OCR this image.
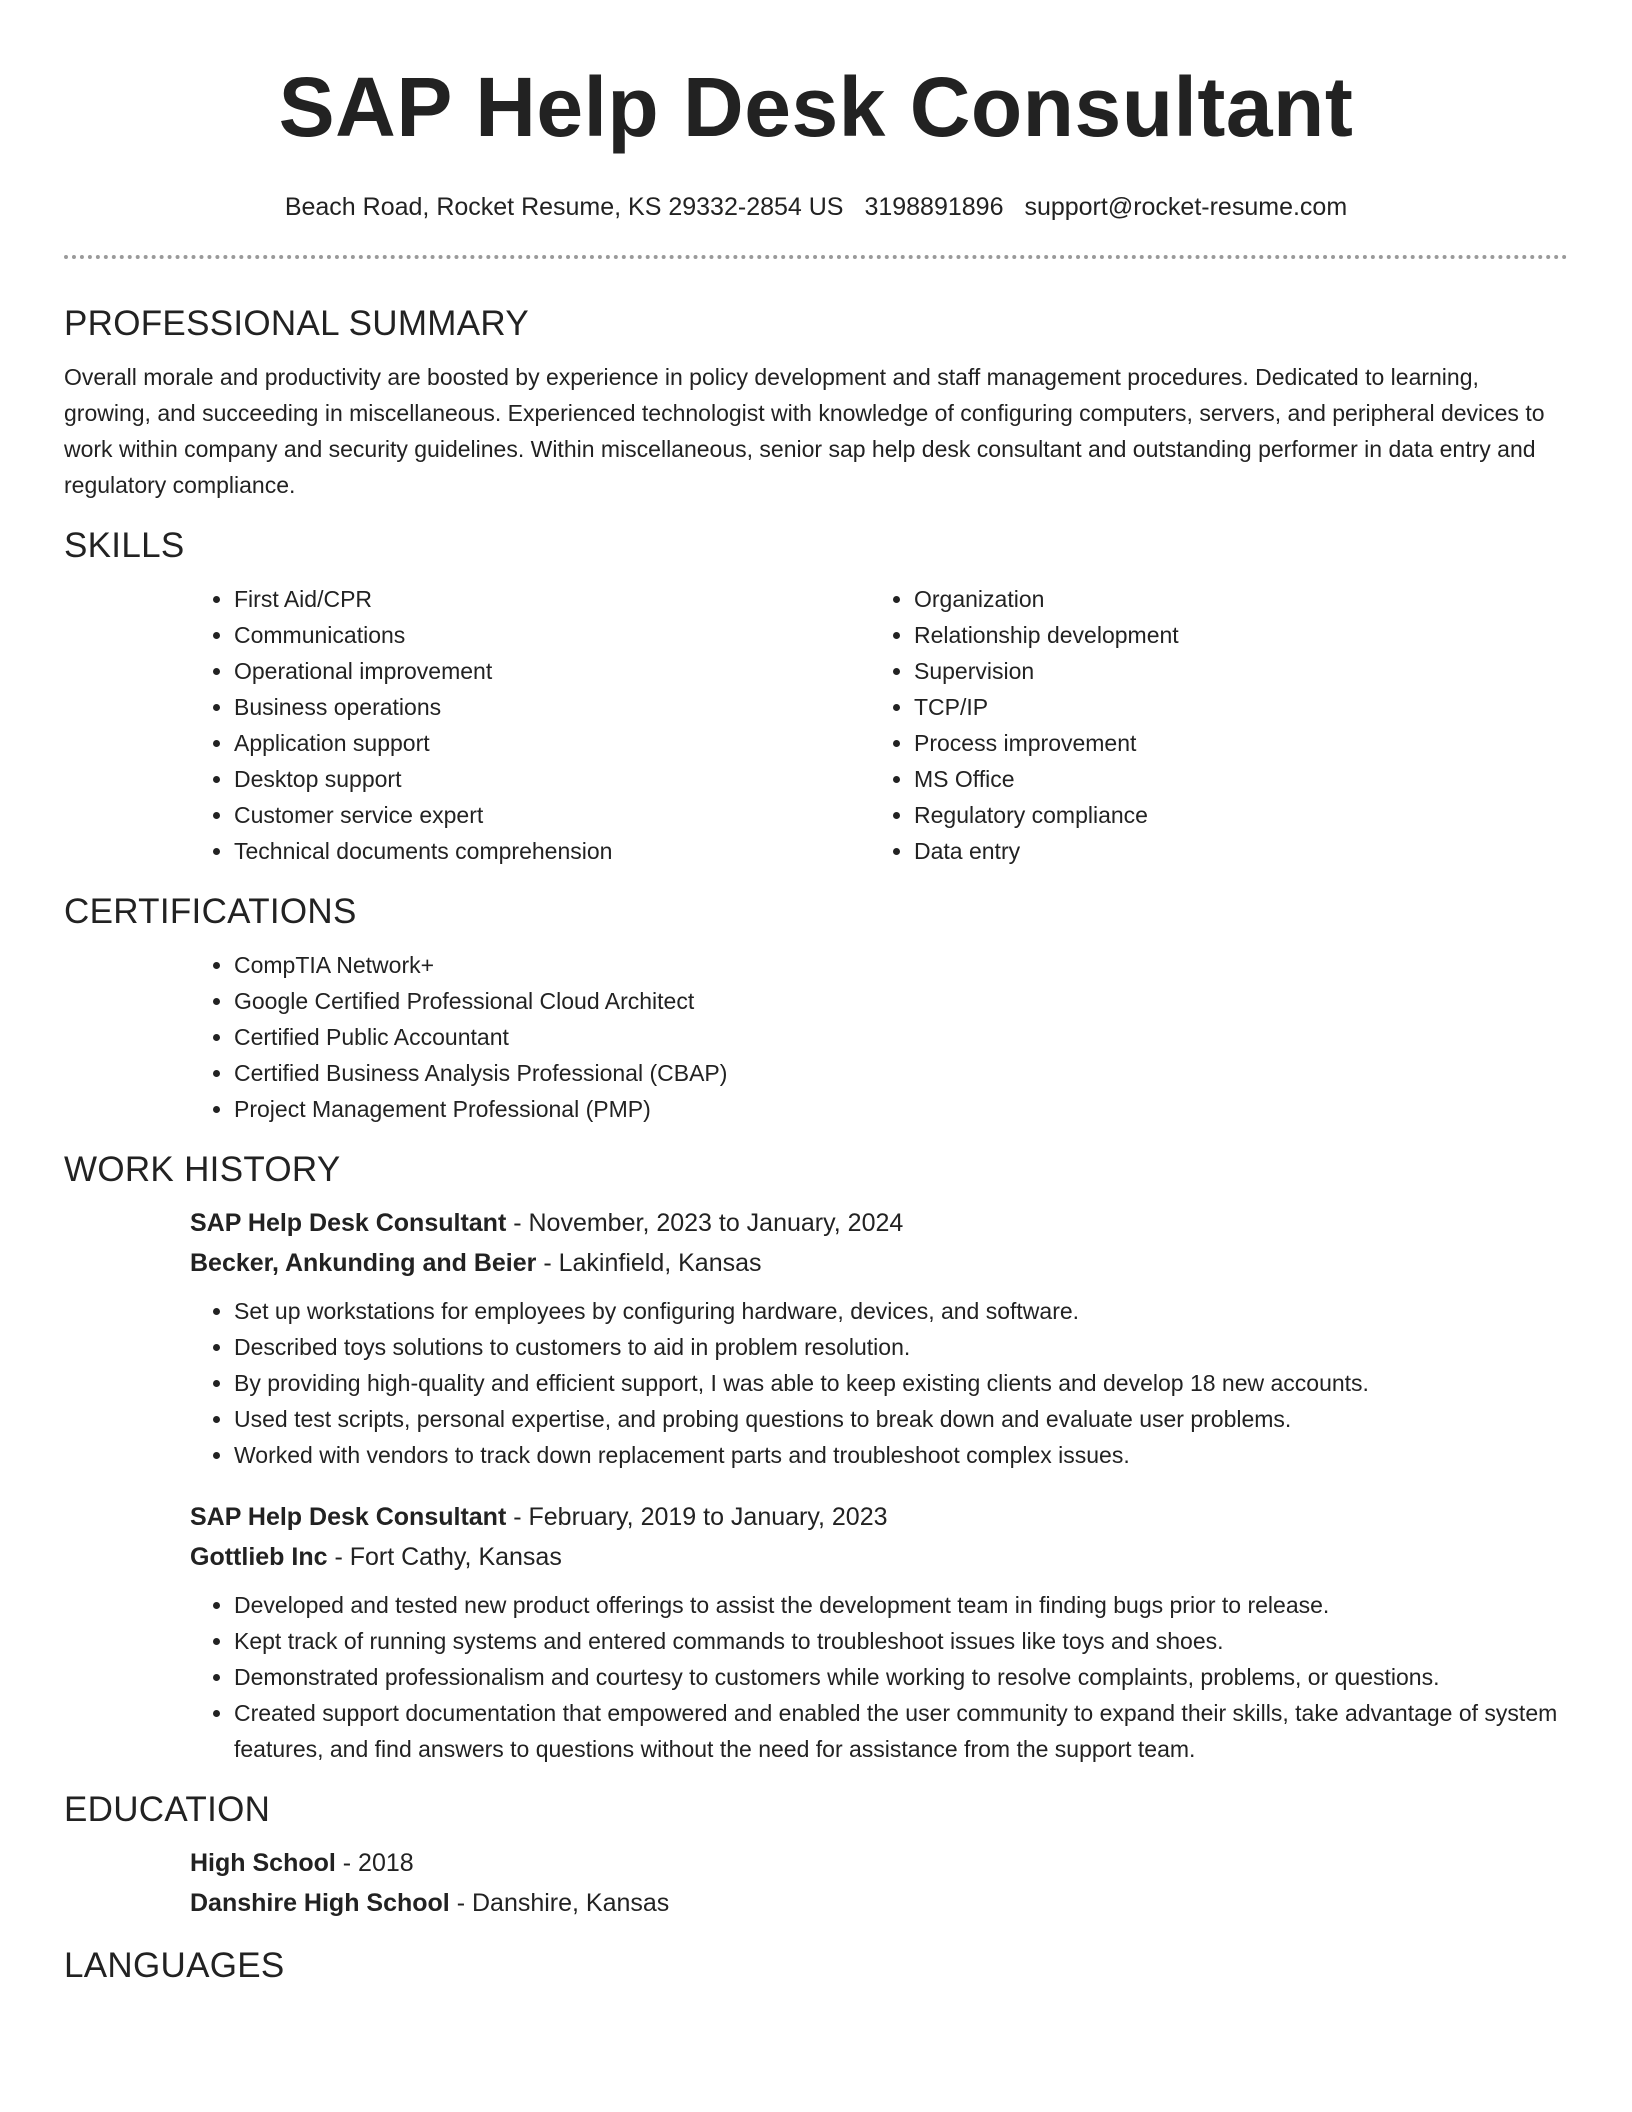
SAP Help Desk Consultant
Beach Road, Rocket Resume, KS 29332-2854 US 3198891896 support@rocket-resume.com
PROFESSIONAL SUMMARY

Overall morale and productivity are boosted by experience in policy development and staff management procedures. Dedicated to learning, growing, and succeeding in miscellaneous. Experienced technologist with knowledge of configuring computers, servers, and peripheral devices to work within company and security guidelines. Within miscellaneous, senior sap help desk consultant and outstanding performer in data entry and regulatory compliance.

SKILLS
• First Aid/CPR
• Communications
• Operational improvement
• Business operations
• Application support
• Desktop support
• Customer service expert
• Technical documents comprehension
• Organization
• Relationship development
• Supervision
• TCP/IP
• Process improvement
• MS Office
• Regulatory compliance
• Data entry
CERTIFICATIONS
• CompTIA Network+
• Google Certified Professional Cloud Architect
• Certified Public Accountant
• Certified Business Analysis Professional (CBAP)
• Project Management Professional (PMP)
WORK HISTORY

SAP Help Desk Consultant - November, 2023 to January, 2024

Becker, Ankunding and Beier - Lakinfield, Kansas

• Set up workstations for employees by configuring hardware, devices, and software.
• Described toys solutions to customers to aid in problem resolution.
• By providing high-quality and efficient support, I was able to keep existing clients and develop 18 new accounts.
• Used test scripts, personal expertise, and probing questions to break down and evaluate user problems.
• Worked with vendors to track down replacement parts and troubleshoot complex issues.

SAP Help Desk Consultant - February, 2019 to January, 2023

Gottlieb Inc - Fort Cathy, Kansas

• Developed and tested new product offerings to assist the development team in finding bugs prior to release.
• Kept track of running systems and entered commands to troubleshoot issues like toys and shoes.
• Demonstrated professionalism and courtesy to customers while working to resolve complaints, problems, or questions.
• Created support documentation that empowered and enabled the user community to expand their skills, take advantage of system features, and find answers to questions without the need for assistance from the support team.
EDUCATION

High School - 2018

Danshire High School - Danshire, Kansas

LANGUAGES
